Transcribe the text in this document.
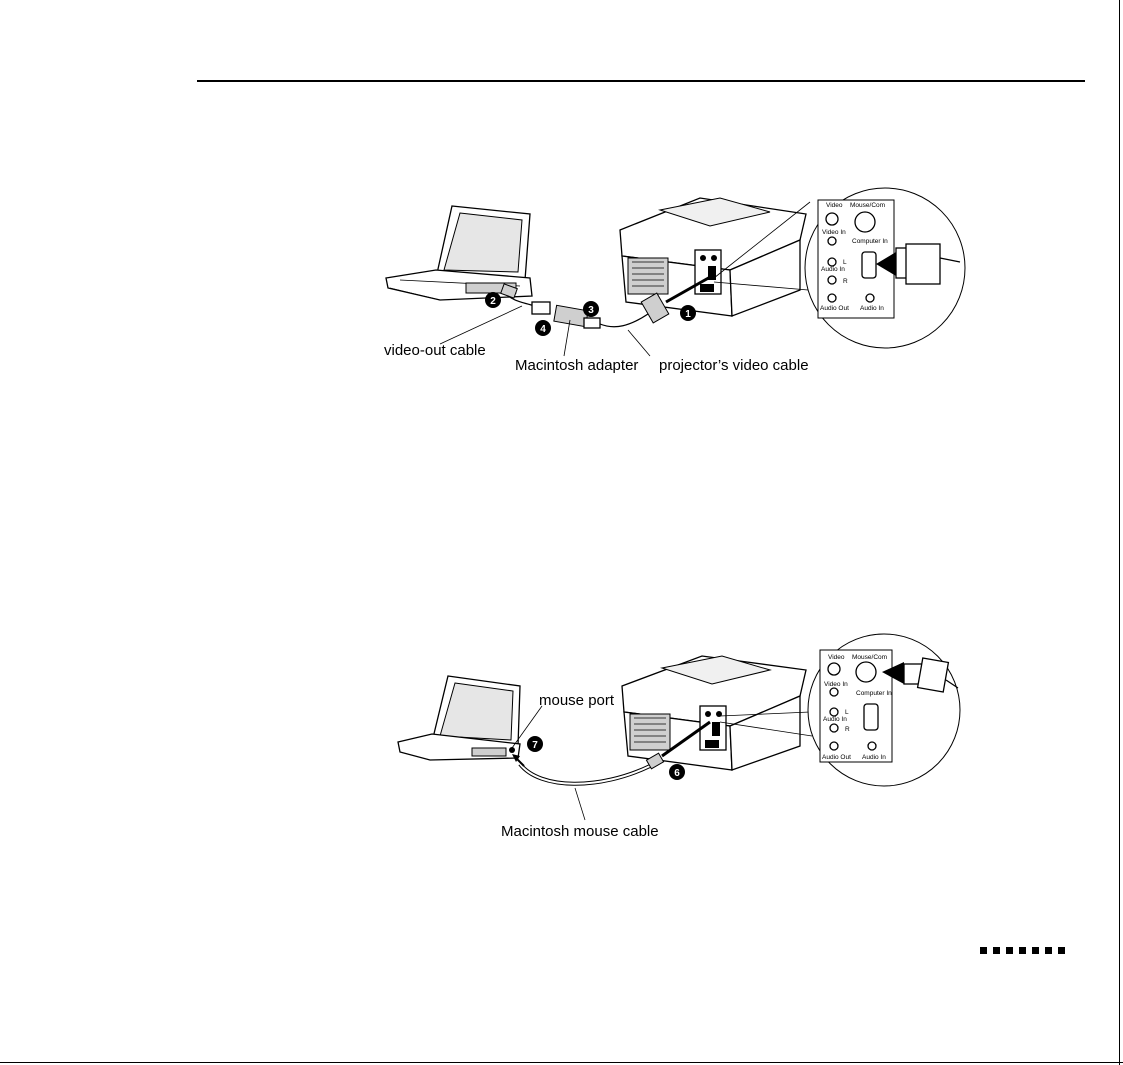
1
2
3
4
video-out cable
Macintosh adapter projector’s video cable
Video Mouse/Com
Video In
Computer In
L
Audio In
R
Audio Out Audio In
6
7
mouse port
Macintosh mouse cable
Video Mouse/Com
Video In
Computer In
L
Audio In
R
Audio Out Audio In
